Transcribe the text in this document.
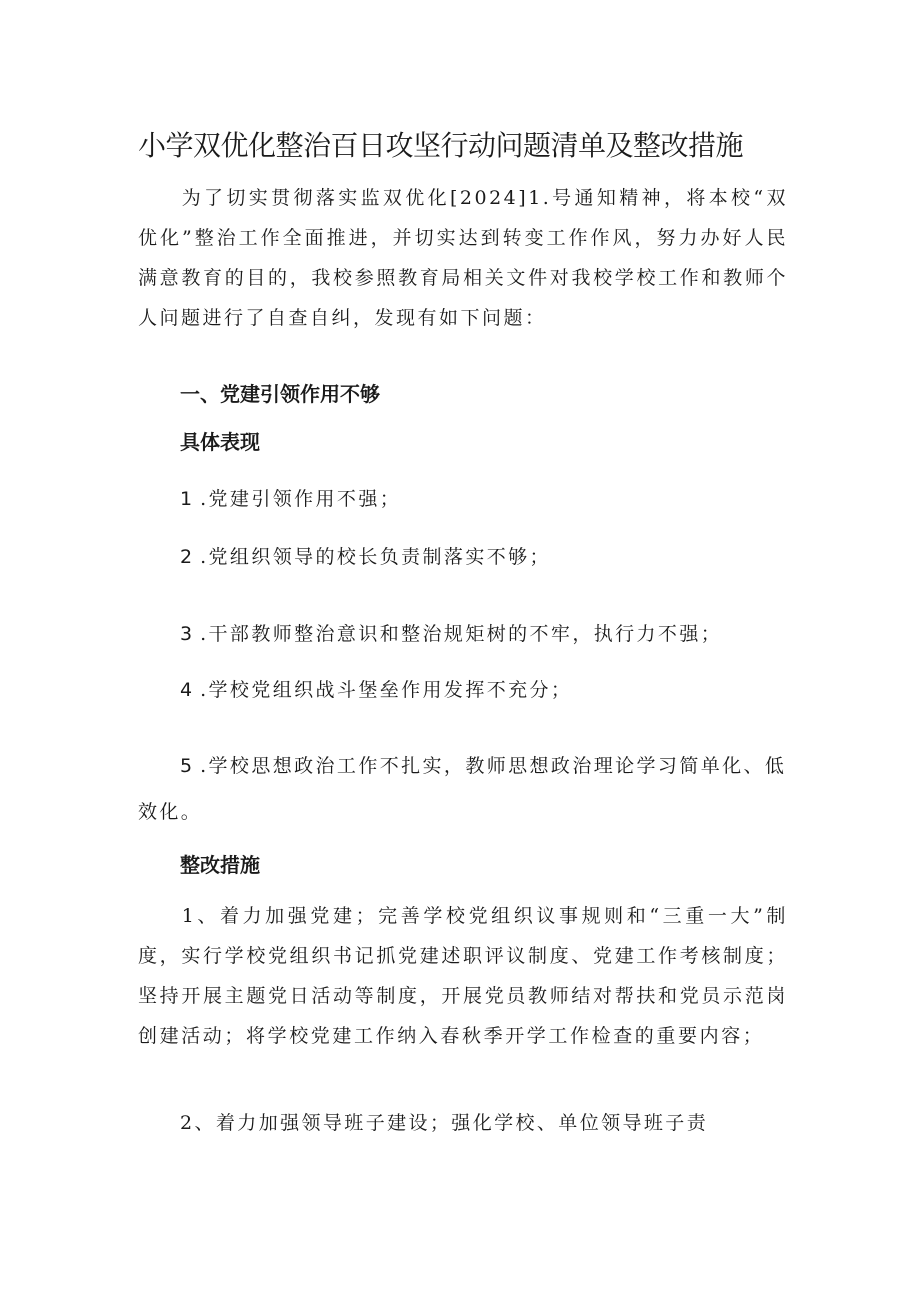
小学双优化整治百日攻坚行动问题清单及整改措施

为了切实贯彻落实监双优化[2024]1.号通知精神，将本校“双优化”整治工作全面推进，并切实达到转变工作作风，努力办好人民满意教育的目的，我校参照教育局相关文件对我校学校工作和教师个人问题进行了自查自纠，发现有如下问题：

一、党建引领作用不够
具体表现

1 .党建引领作用不强；

2 .党组织领导的校长负责制落实不够；

3 .干部教师整治意识和整治规矩树的不牢，执行力不强；

4 .学校党组织战斗堡垒作用发挥不充分；

5 .学校思想政治工作不扎实，教师思想政治理论学习简单化、低效化。

整改措施

1、着力加强党建；完善学校党组织议事规则和“三重一大”制度，实行学校党组织书记抓党建述职评议制度、党建工作考核制度；坚持开展主题党日活动等制度，开展党员教师结对帮扶和党员示范岗创建活动；将学校党建工作纳入春秋季开学工作检查的重要内容；

2、着力加强领导班子建设；强化学校、单位领导班子责
